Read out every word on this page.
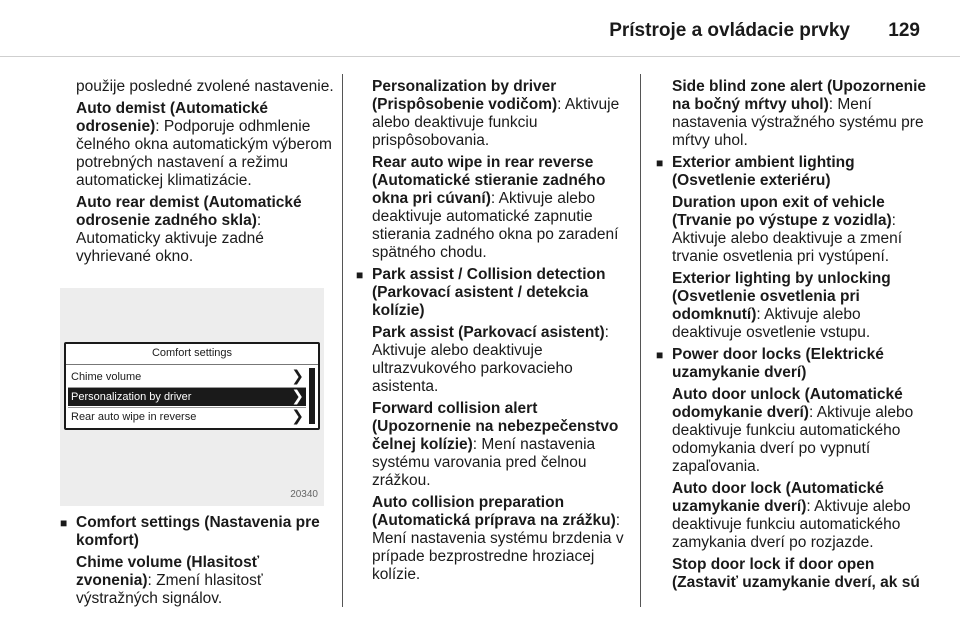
Prístroje a ovládacie prvky 129

použije posledné zvolené nastavenie.

Auto demist (Automatické odrosenie): Podporuje odhmlenie čelného okna automatickým výberom potrebných nastavení a režimu automatickej klimatizácie.

Auto rear demist (Automatické odrosenie zadného skla): Automaticky aktivuje zadné vyhrievané okno.

Comfort settings
Chime volume	❯
Personalization by driver	❯
Rear auto wipe in reverse	❯
20340

■ Comfort settings (Nastavenia pre komfort)

Chime volume (Hlasitosť zvonenia): Zmení hlasitosť výstražných signálov.

Personalization by driver (Prispôsobenie vodičom): Aktivuje alebo deaktivuje funkciu prispôsobovania.

Rear auto wipe in rear reverse (Automatické stieranie zadného okna pri cúvaní): Aktivuje alebo deaktivuje automatické zapnutie stierania zadného okna po zaradení spätného chodu.

■ Park assist / Collision detection (Parkovací asistent / detekcia kolízie)

Park assist (Parkovací asistent): Aktivuje alebo deaktivuje ultrazvukového parkovacieho asistenta.

Forward collision alert (Upozornenie na nebezpečenstvo čelnej kolízie): Mení nastavenia systému varovania pred čelnou zrážkou.

Auto collision preparation (Automatická príprava na zrážku): Mení nastavenia systému brzdenia v prípade bezprostredne hroziacej kolízie.

Side blind zone alert (Upozornenie na bočný mŕtvy uhol): Mení nastavenia výstražného systému pre mŕtvy uhol.

■ Exterior ambient lighting (Osvetlenie exteriéru)

Duration upon exit of vehicle (Trvanie po výstupe z vozidla): Aktivuje alebo deaktivuje a zmení trvanie osvetlenia pri vystúpení.

Exterior lighting by unlocking (Osvetlenie osvetlenia pri odomknutí): Aktivuje alebo deaktivuje osvetlenie vstupu.

■ Power door locks (Elektrické uzamykanie dverí)

Auto door unlock (Automatické odomykanie dverí): Aktivuje alebo deaktivuje funkciu automatického odomykania dverí po vypnutí zapaľovania.

Auto door lock (Automatické uzamykanie dverí): Aktivuje alebo deaktivuje funkciu automatického zamykania dverí po rozjazde.

Stop door lock if door open (Zastaviť uzamykanie dverí, ak sú
